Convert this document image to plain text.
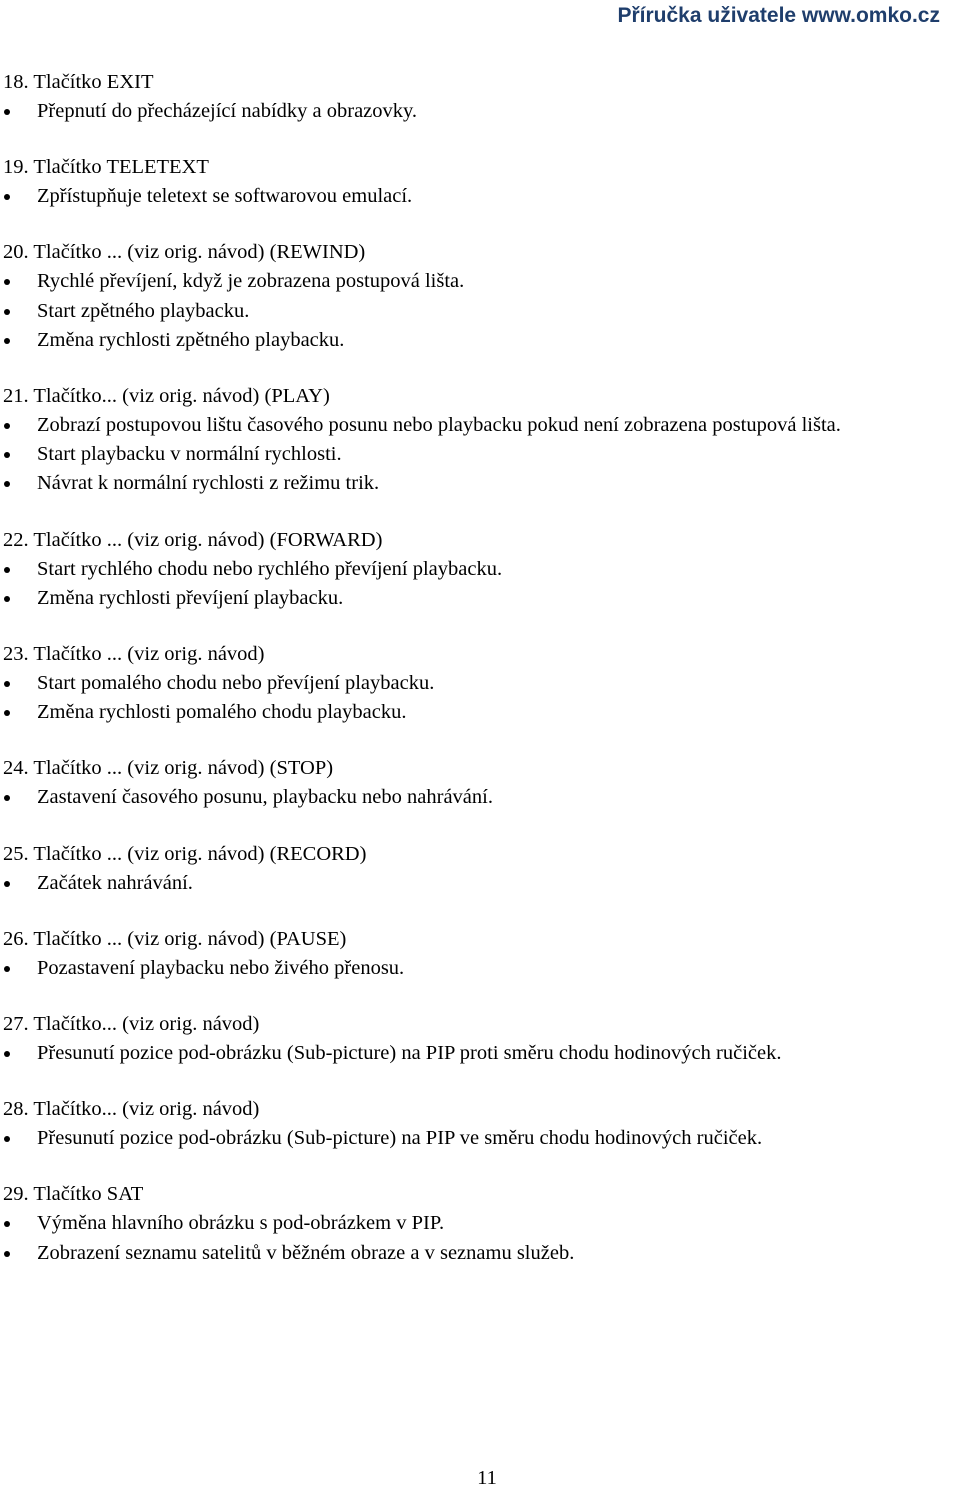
Příručka uživatele www.omko.cz
18. Tlačítko EXIT
Přepnutí do přecházející nabídky a obrazovky.
19. Tlačítko TELETEXT
Zpřístupňuje teletext se softwarovou emulací.
20. Tlačítko ... (viz orig. návod) (REWIND)
Rychlé převíjení, když je zobrazena postupová lišta.
Start zpětného playbacku.
Změna rychlosti zpětného playbacku.
21. Tlačítko... (viz orig. návod) (PLAY)
Zobrazí postupovou lištu časového posunu nebo playbacku pokud není zobrazena postupová lišta.
Start playbacku v normální rychlosti.
Návrat k normální rychlosti z režimu trik.
22. Tlačítko ... (viz orig. návod) (FORWARD)
Start rychlého chodu nebo rychlého převíjení playbacku.
Změna rychlosti převíjení playbacku.
23. Tlačítko ... (viz orig. návod)
Start pomalého chodu nebo převíjení playbacku.
Změna rychlosti pomalého chodu playbacku.
24. Tlačítko ... (viz orig. návod) (STOP)
Zastavení časového posunu, playbacku nebo nahrávání.
25. Tlačítko ... (viz orig. návod) (RECORD)
Začátek nahrávání.
26. Tlačítko ... (viz orig. návod) (PAUSE)
Pozastavení playbacku nebo živého přenosu.
27. Tlačítko... (viz orig. návod)
Přesunutí pozice pod-obrázku (Sub-picture) na PIP proti směru chodu hodinových ručiček.
28. Tlačítko... (viz orig. návod)
Přesunutí pozice pod-obrázku (Sub-picture) na PIP ve směru chodu hodinových ručiček.
29. Tlačítko SAT
Výměna hlavního obrázku s pod-obrázkem v PIP.
Zobrazení seznamu satelitů v běžném obraze a v seznamu služeb.
11
